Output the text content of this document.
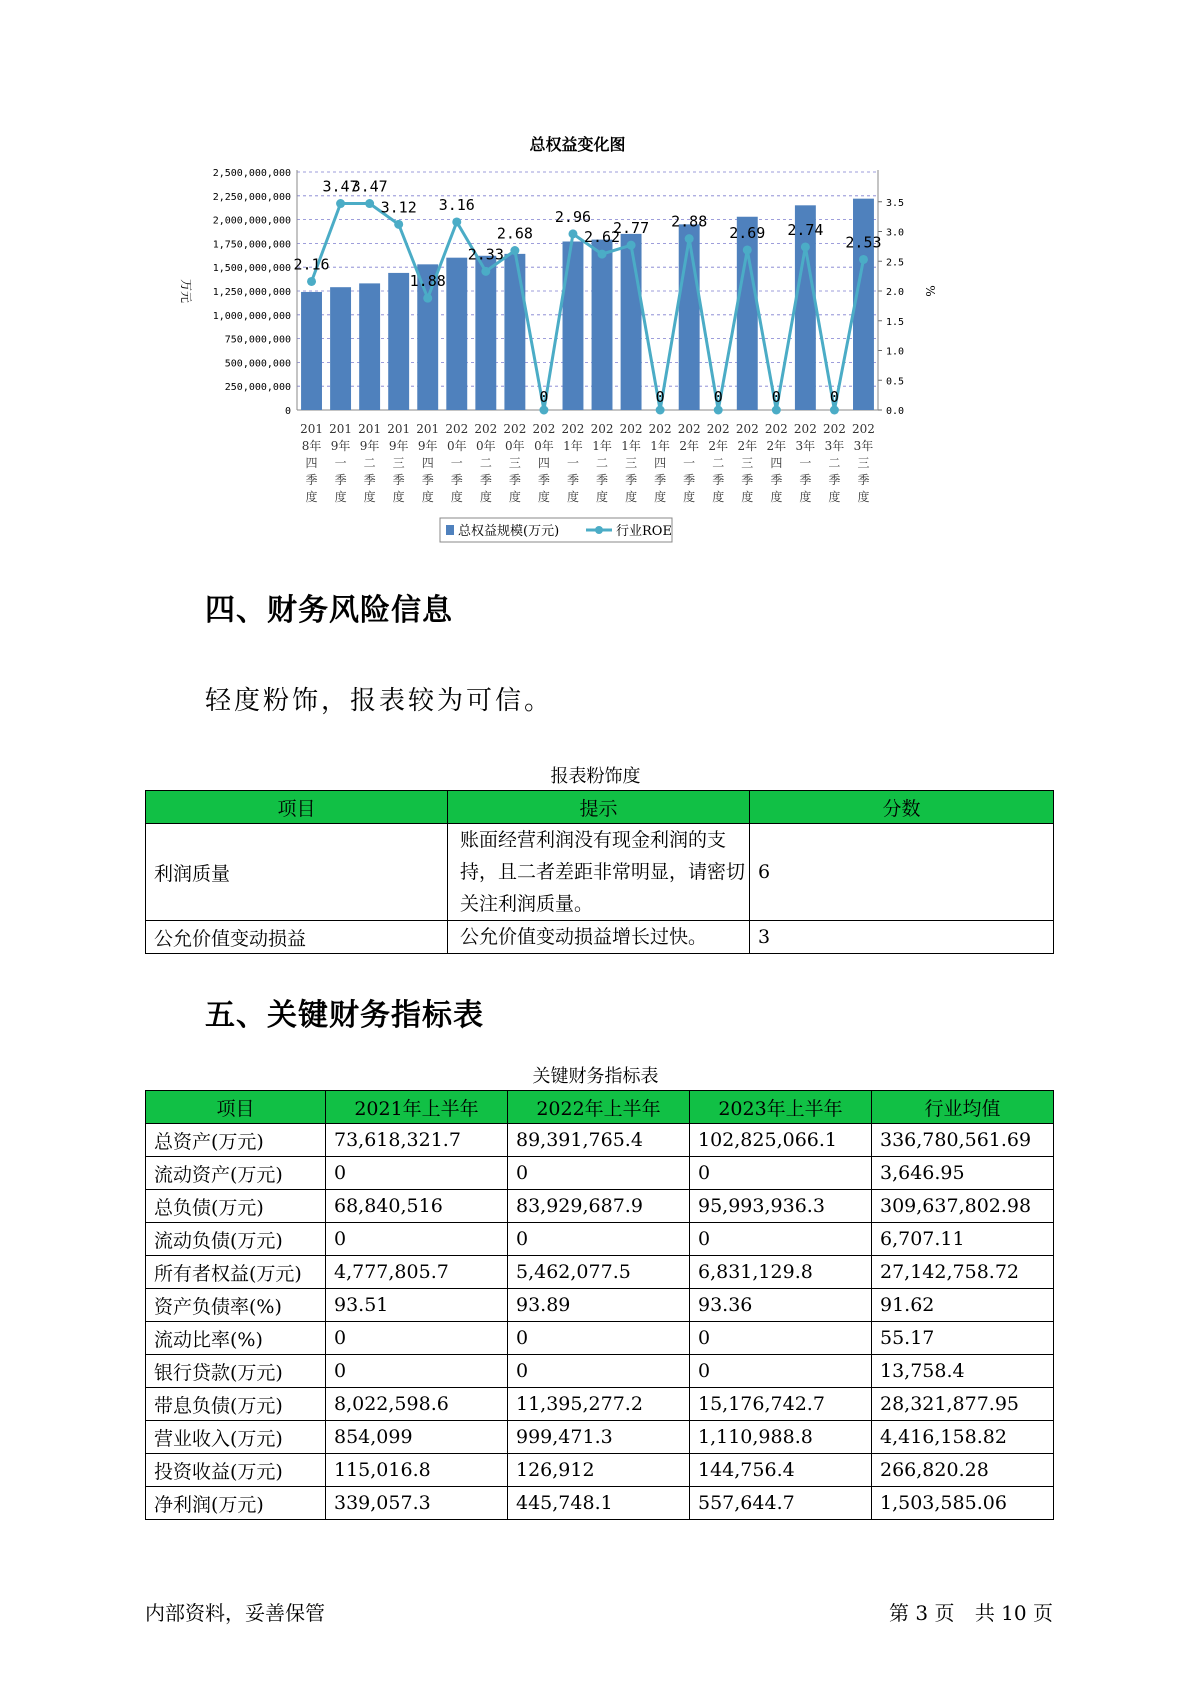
总权益变化图
0
250,000,000
500,000,000
750,000,000
1,000,000,000
1,250,000,000
1,500,000,000
1,750,000,000
2,000,000,000
2,250,000,000
2,500,000,000
0.0
0.5
1.0
1.5
2.0
2.5
3.0
3.5
万元	%
201 8年四季度
201 9年一季度
201 9年二季度
201 9年三季度
201 9年四季度
202 0年一季度
202 0年二季度
202 0年三季度
202 0年四季度
202 1年一季度
202 1年二季度
202 1年三季度
202 1年四季度
202 2年一季度
202 2年二季度
202 2年三季度
202 2年四季度
202 3年一季度
202 3年二季度
202 3年三季度
2.16
3.47
3.47
3.12
1.88
3.16
2.33
2.68
0
2.96
2.62
2.77
0
2.88
0
2.69
0
2.74
0
2.53
总权益规模(万元)	行业ROE
四、财务风险信息

轻度粉饰，报表较为可信。

报表粉饰度
项目	提示	分数
利润质量	账面经营利润没有现金利润的支持，且二者差距非常明显，请密切关注利润质量。	6
公允价值变动损益	公允价值变动损益增长过快。	3
五、关键财务指标表
关键财务指标表
项目	2021年上半年	2022年上半年	2023年上半年	行业均值
总资产(万元)	73,618,321.7	89,391,765.4	102,825,066.1	336,780,561.69
流动资产(万元)	0	0	0	3,646.95
总负债(万元)	68,840,516	83,929,687.9	95,993,936.3	309,637,802.98
流动负债(万元)	0	0	0	6,707.11
所有者权益(万元)	4,777,805.7	5,462,077.5	6,831,129.8	27,142,758.72
资产负债率(%)	93.51	93.89	93.36	91.62
流动比率(%)	0	0	0	55.17
银行贷款(万元)	0	0	0	13,758.4
带息负债(万元)	8,022,598.6	11,395,277.2	15,176,742.7	28,321,877.95
营业收入(万元)	854,099	999,471.3	1,110,988.8	4,416,158.82
投资收益(万元)	115,016.8	126,912	144,756.4	266,820.28
净利润(万元)	339,057.3	445,748.1	557,644.7	1,503,585.06
内部资料，妥善保管	第 3 页 共 10 页
